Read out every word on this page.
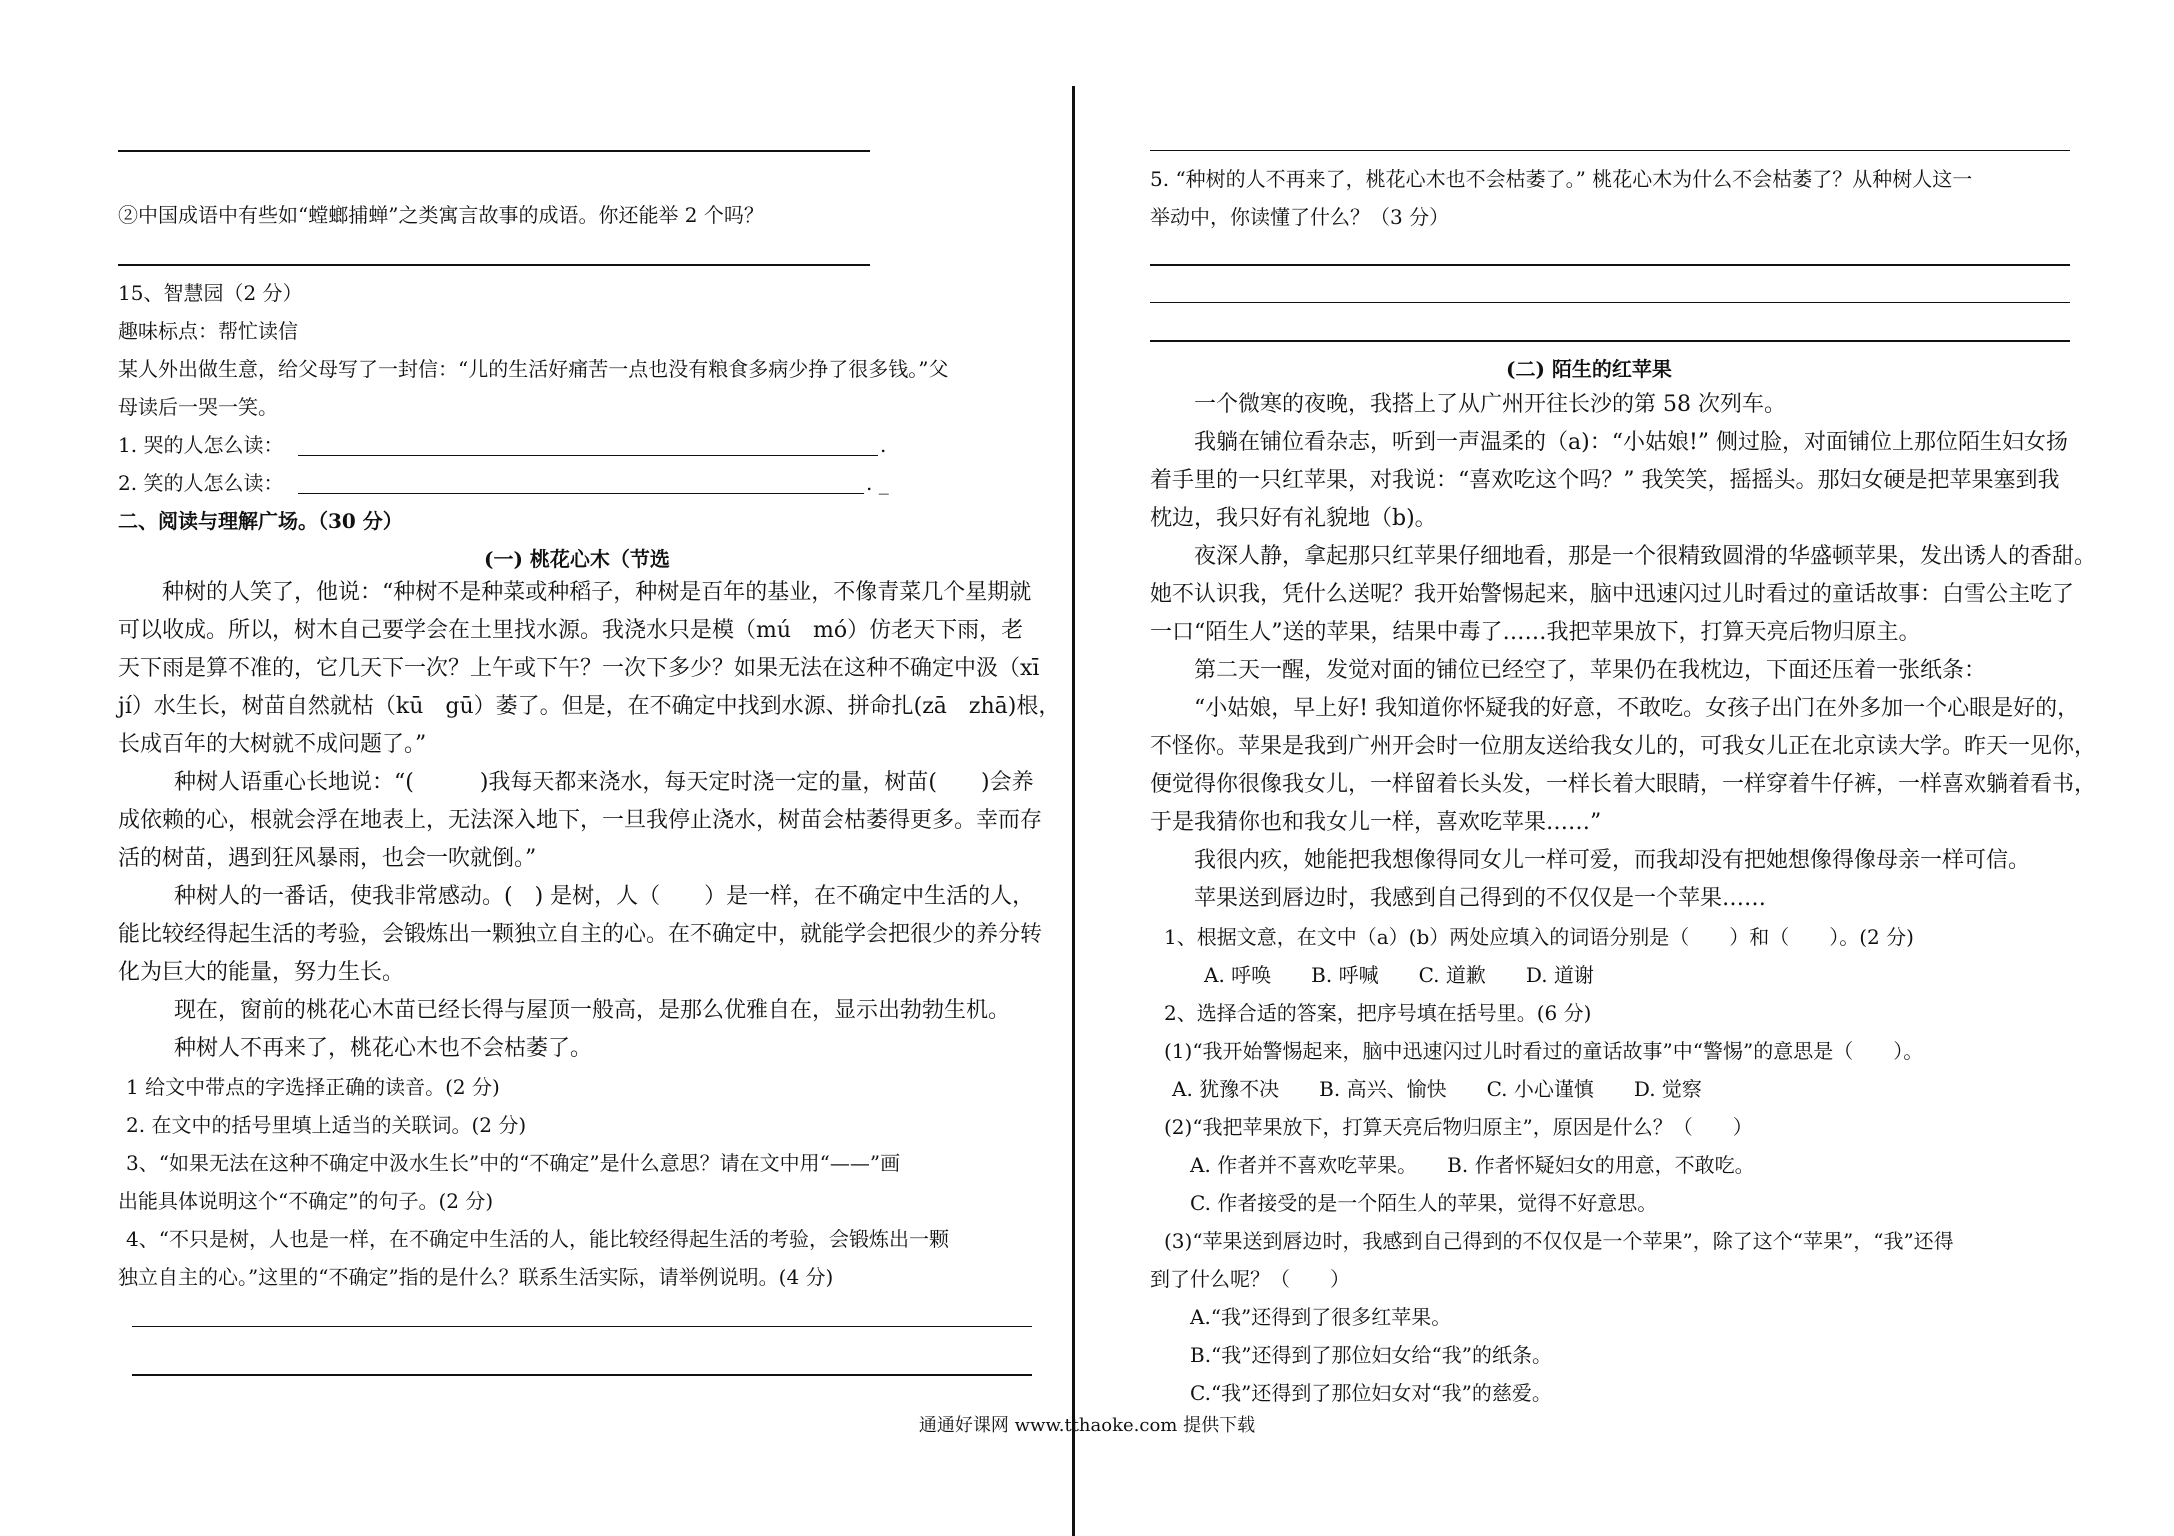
②中国成语中有些如“螳螂捕蝉”之类寓言故事的成语。你还能举 2 个吗？
15、智慧园（2 分）
趣味标点：帮忙读信
某人外出做生意，给父母写了一封信：“儿的生活好痛苦一点也没有粮食多病少挣了很多钱。”父
母读后一哭一笑。
1. 哭的人怎么读：	.
2. 笑的人怎么读：	. _
二、阅读与理解广场。（30 分）
(一) 桃花心木（节选
种树的人笑了，他说：“种树不是种菜或种稻子，种树是百年的基业，不像青菜几个星期就
可以收成。所以，树木自己要学会在土里找水源。我浇水只是模（mú　mó）仿老天下雨，老
天下雨是算不准的，它几天下一次？上午或下午？一次下多少？如果无法在这种不确定中汲（xī
jí）水生长，树苗自然就枯（kū　gū）萎了。但是，在不确定中找到水源、拼命扎(zā　zhā)根，
长成百年的大树就不成问题了。”
种树人语重心长地说：“(　　　)我每天都来浇水，每天定时浇一定的量，树苗(　　)会养
成依赖的心，根就会浮在地表上，无法深入地下，一旦我停止浇水，树苗会枯萎得更多。幸而存
活的树苗，遇到狂风暴雨，也会一吹就倒。”
种树人的一番话，使我非常感动。(　) 是树，人（　　）是一样，在不确定中生活的人，
能比较经得起生活的考验，会锻炼出一颗独立自主的心。在不确定中，就能学会把很少的养分转
化为巨大的能量，努力生长。
现在，窗前的桃花心木苗已经长得与屋顶一般高，是那么优雅自在，显示出勃勃生机。
种树人不再来了，桃花心木也不会枯萎了。
1 给文中带点的字选择正确的读音。(2 分)
2. 在文中的括号里填上适当的关联词。(2 分)
3、“如果无法在这种不确定中汲水生长”中的“不确定”是什么意思？请在文中用“——”画
出能具体说明这个“不确定”的句子。(2 分)
4、“不只是树，人也是一样，在不确定中生活的人，能比较经得起生活的考验，会锻炼出一颗
独立自主的心。”这里的“不确定”指的是什么？联系生活实际，请举例说明。(4 分)
5. “种树的人不再来了，桃花心木也不会枯萎了。” 桃花心木为什么不会枯萎了？从种树人这一
举动中，你读懂了什么？（3 分）
(二) 陌生的红苹果
一个微寒的夜晚，我搭上了从广州开往长沙的第 58 次列车。
我躺在铺位看杂志，听到一声温柔的（a)：“小姑娘!” 侧过脸，对面铺位上那位陌生妇女扬
着手里的一只红苹果，对我说：“喜欢吃这个吗？” 我笑笑，摇摇头。那妇女硬是把苹果塞到我
枕边，我只好有礼貌地（b)。
夜深人静，拿起那只红苹果仔细地看，那是一个很精致圆滑的华盛顿苹果，发出诱人的香甜。
她不认识我，凭什么送呢？我开始警惕起来，脑中迅速闪过儿时看过的童话故事：白雪公主吃了
一口“陌生人”送的苹果，结果中毒了……我把苹果放下，打算天亮后物归原主。
第二天一醒，发觉对面的铺位已经空了，苹果仍在我枕边，下面还压着一张纸条：
“小姑娘，早上好! 我知道你怀疑我的好意，不敢吃。女孩子出门在外多加一个心眼是好的，
不怪你。苹果是我到广州开会时一位朋友送给我女儿的，可我女儿正在北京读大学。昨天一见你，
便觉得你很像我女儿，一样留着长头发，一样长着大眼睛，一样穿着牛仔裤，一样喜欢躺着看书，
于是我猜你也和我女儿一样，喜欢吃苹果……”
我很内疚，她能把我想像得同女儿一样可爱，而我却没有把她想像得像母亲一样可信。
苹果送到唇边时，我感到自己得到的不仅仅是一个苹果……
1、根据文意，在文中（a）(b）两处应填入的词语分别是（　　）和（　　）。(2 分)
A. 呼唤　　B. 呼喊　　C. 道歉　　D. 道谢
2、选择合适的答案，把序号填在括号里。(6 分)
(1)“我开始警惕起来，脑中迅速闪过儿时看过的童话故事”中“警惕”的意思是（　　）。
A. 犹豫不决　　B. 高兴、愉快　　C. 小心谨慎　　D. 觉察
(2)“我把苹果放下，打算天亮后物归原主”，原因是什么？（　　）
A. 作者并不喜欢吃苹果。　　B. 作者怀疑妇女的用意，不敢吃。
C. 作者接受的是一个陌生人的苹果，觉得不好意思。
(3)“苹果送到唇边时，我感到自己得到的不仅仅是一个苹果”，除了这个“苹果”，“我”还得
到了什么呢？（　　）
A.“我”还得到了很多红苹果。
B.“我”还得到了那位妇女给“我”的纸条。
C.“我”还得到了那位妇女对“我”的慈爱。
通通好课网 www.tthaoke.com 提供下载
